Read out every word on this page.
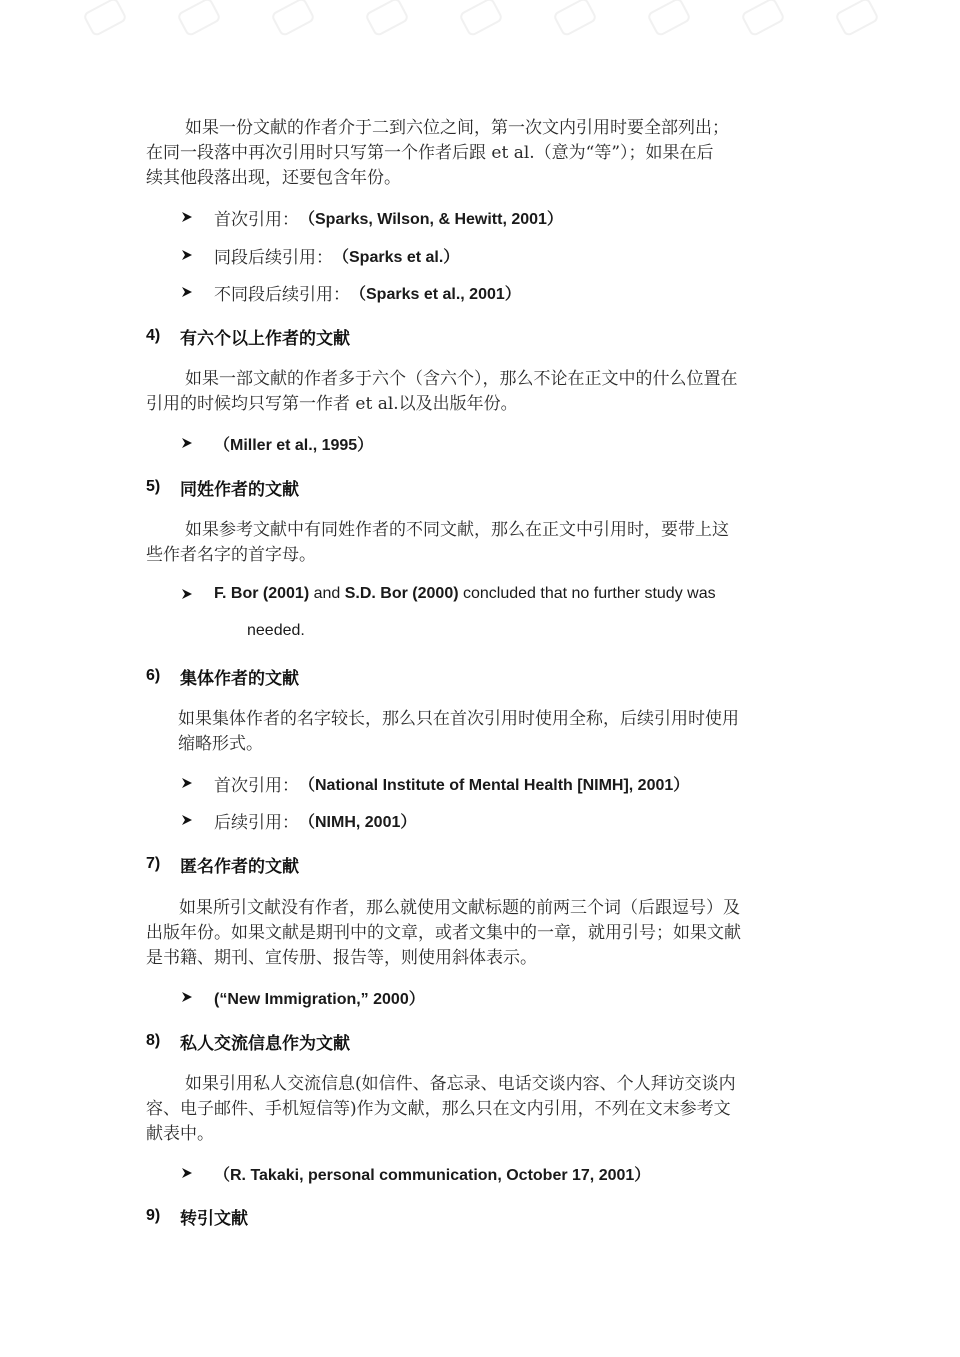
如果一份文献的作者介于二到六位之间，第一次文内引用时要全部列出；
在同一段落中再次引用时只写第一个作者后跟 et al.（意为“等”）；如果在后
续其他段落出现，还要包含年份。
首次引用： （Sparks, Wilson, & Hewitt, 2001）
同段后续引用： （Sparks et al.）
不同段后续引用： （Sparks et al., 2001）
4)	有六个以上作者的文献
如果一部文献的作者多于六个（含六个），那么不论在正文中的什么位置在
引用的时候均只写第一作者 et al.以及出版年份。
（Miller et al., 1995）
5)	同姓作者的文献
如果参考文献中有同姓作者的不同文献，那么在正文中引用时，要带上这
些作者名字的首字母。
F. Bor (2001) and S.D. Bor (2000) concluded that no further study was
needed.
6)	集体作者的文献
如果集体作者的名字较长，那么只在首次引用时使用全称，后续引用时使用
缩略形式。
首次引用： （National Institute of Mental Health [NIMH], 2001）
后续引用： （NIMH, 2001）
7)	匿名作者的文献
如果所引文献没有作者，那么就使用文献标题的前两三个词（后跟逗号）及
出版年份。如果文献是期刊中的文章，或者文集中的一章，就用引号；如果文献
是书籍、期刊、宣传册、报告等，则使用斜体表示。
(“New Immigration,” 2000）
8)	私人交流信息作为文献
如果引用私人交流信息(如信件、备忘录、电话交谈内容、个人拜访交谈内
容、电子邮件、手机短信等)作为文献，那么只在文内引用，不列在文末参考文
献表中。
（R. Takaki, personal communication, October 17, 2001）
9)	转引文献
